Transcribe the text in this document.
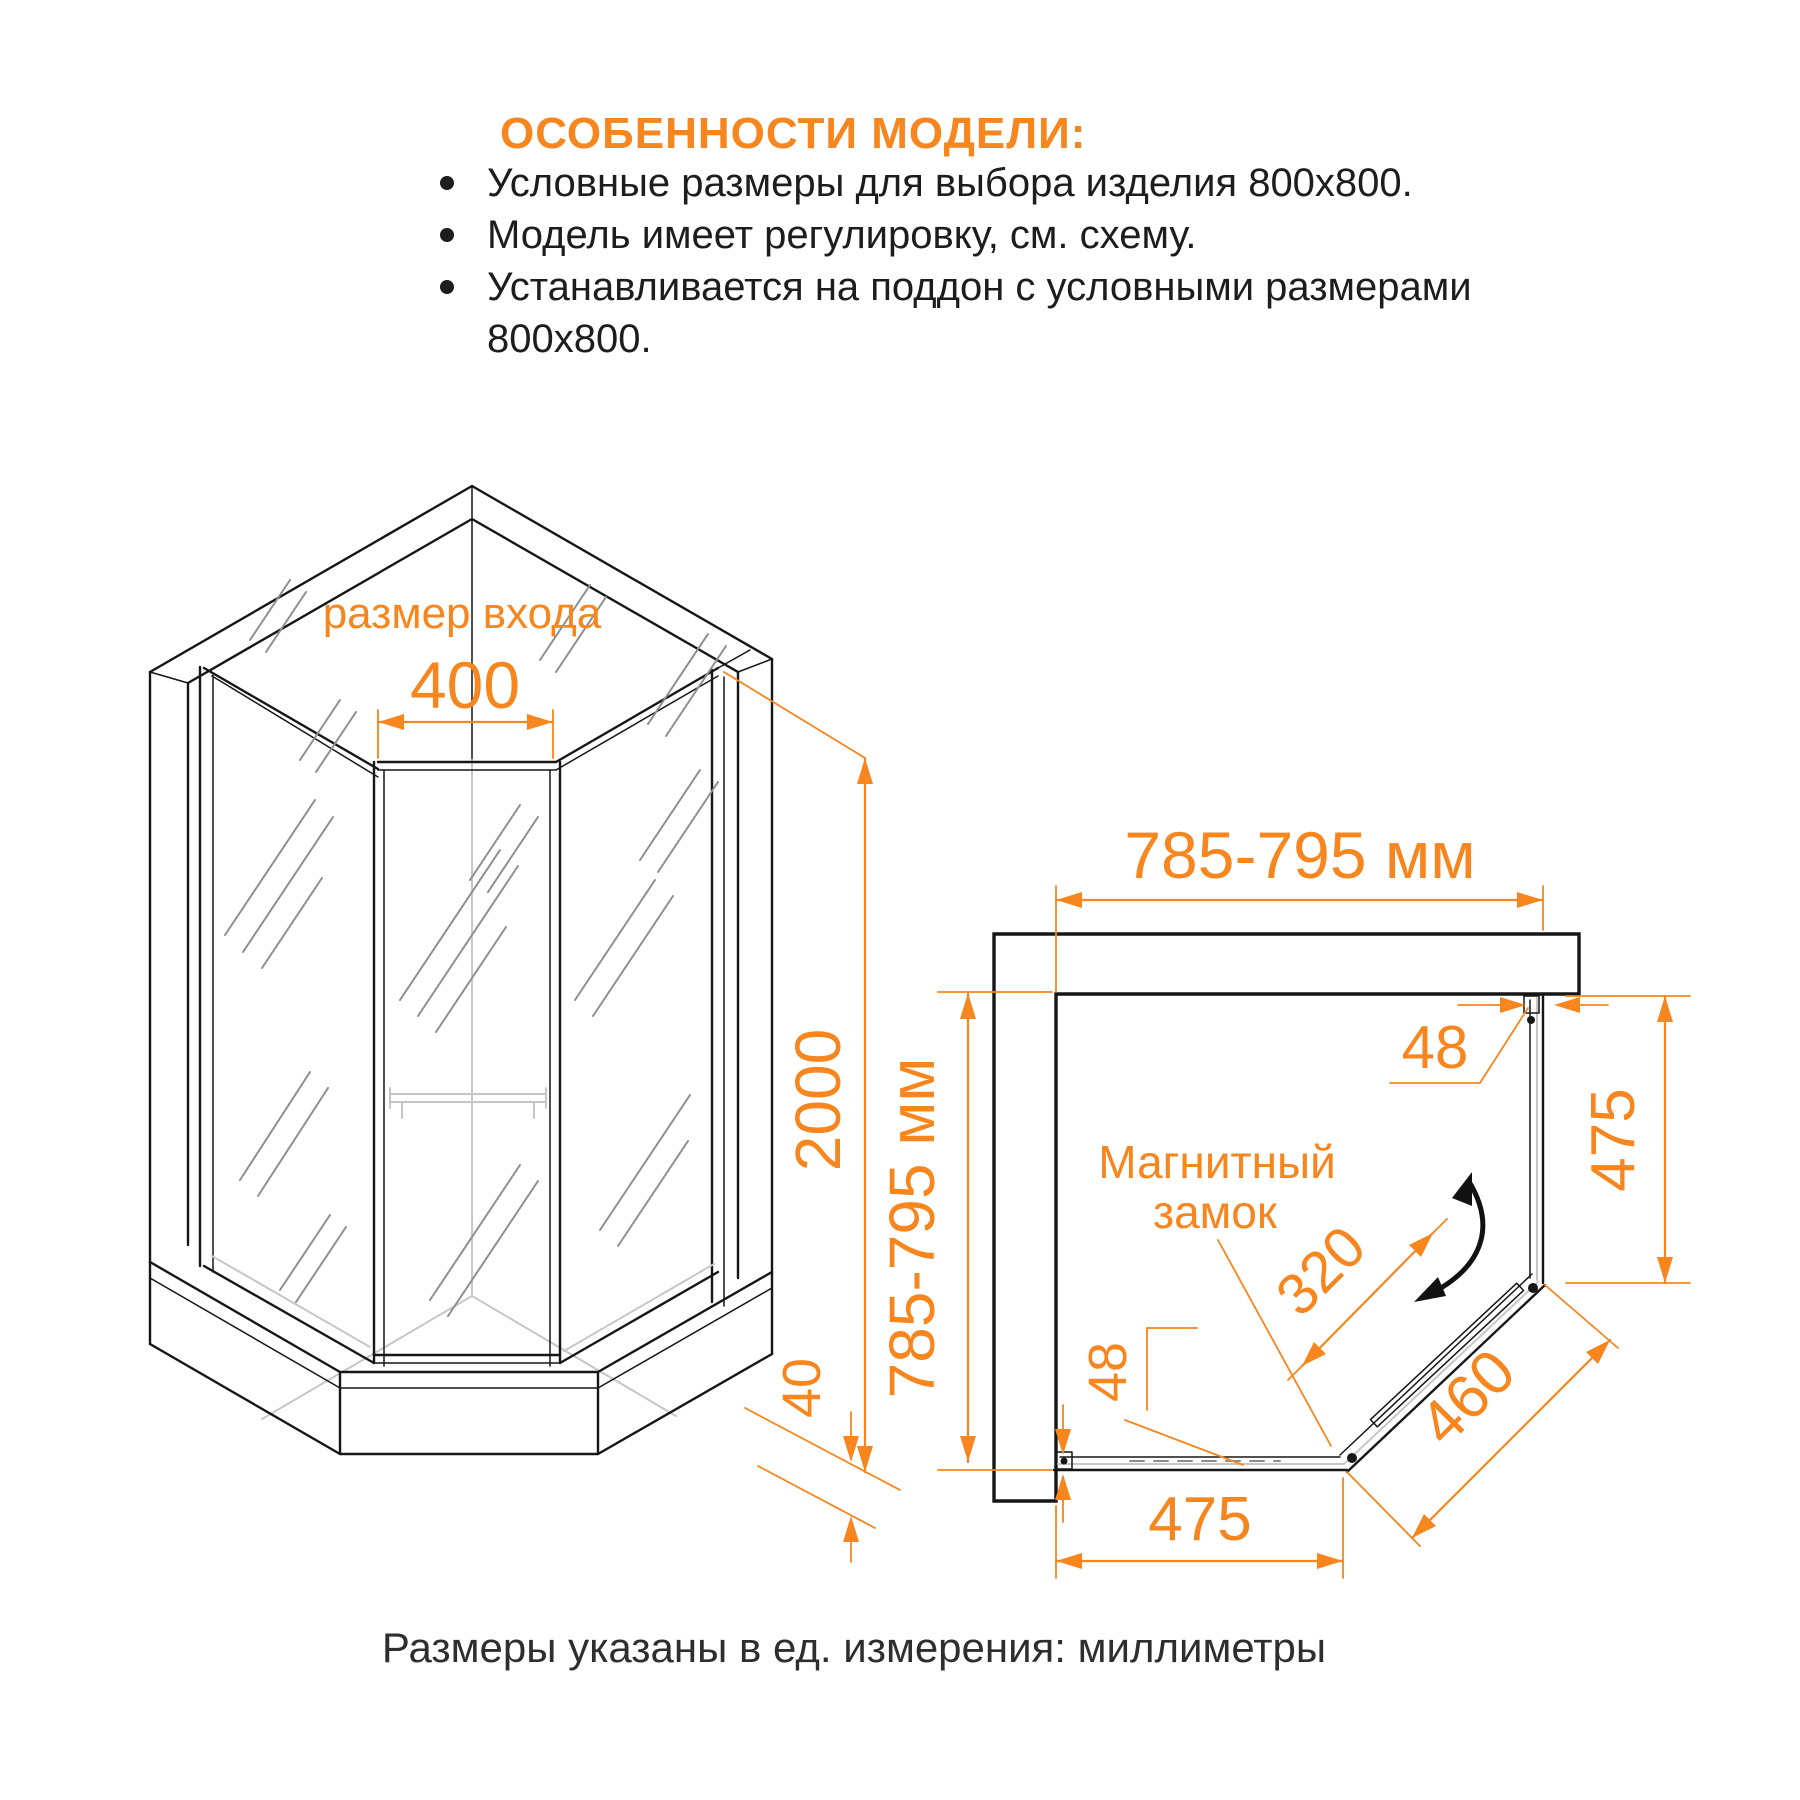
ОСОБЕННОСТИ МОДЕЛИ:
Условные размеры для выбора изделия 800х800.
Модель имеет регулировку, см. схему.
Устанавливается на поддон с условными размерами
800х800.
размер входа
400
2000
40
785-795 мм
785-795 мм
48
475
Магнитный
замок
320
460
48
475
Размеры указаны в ед. измерения: миллиметры
